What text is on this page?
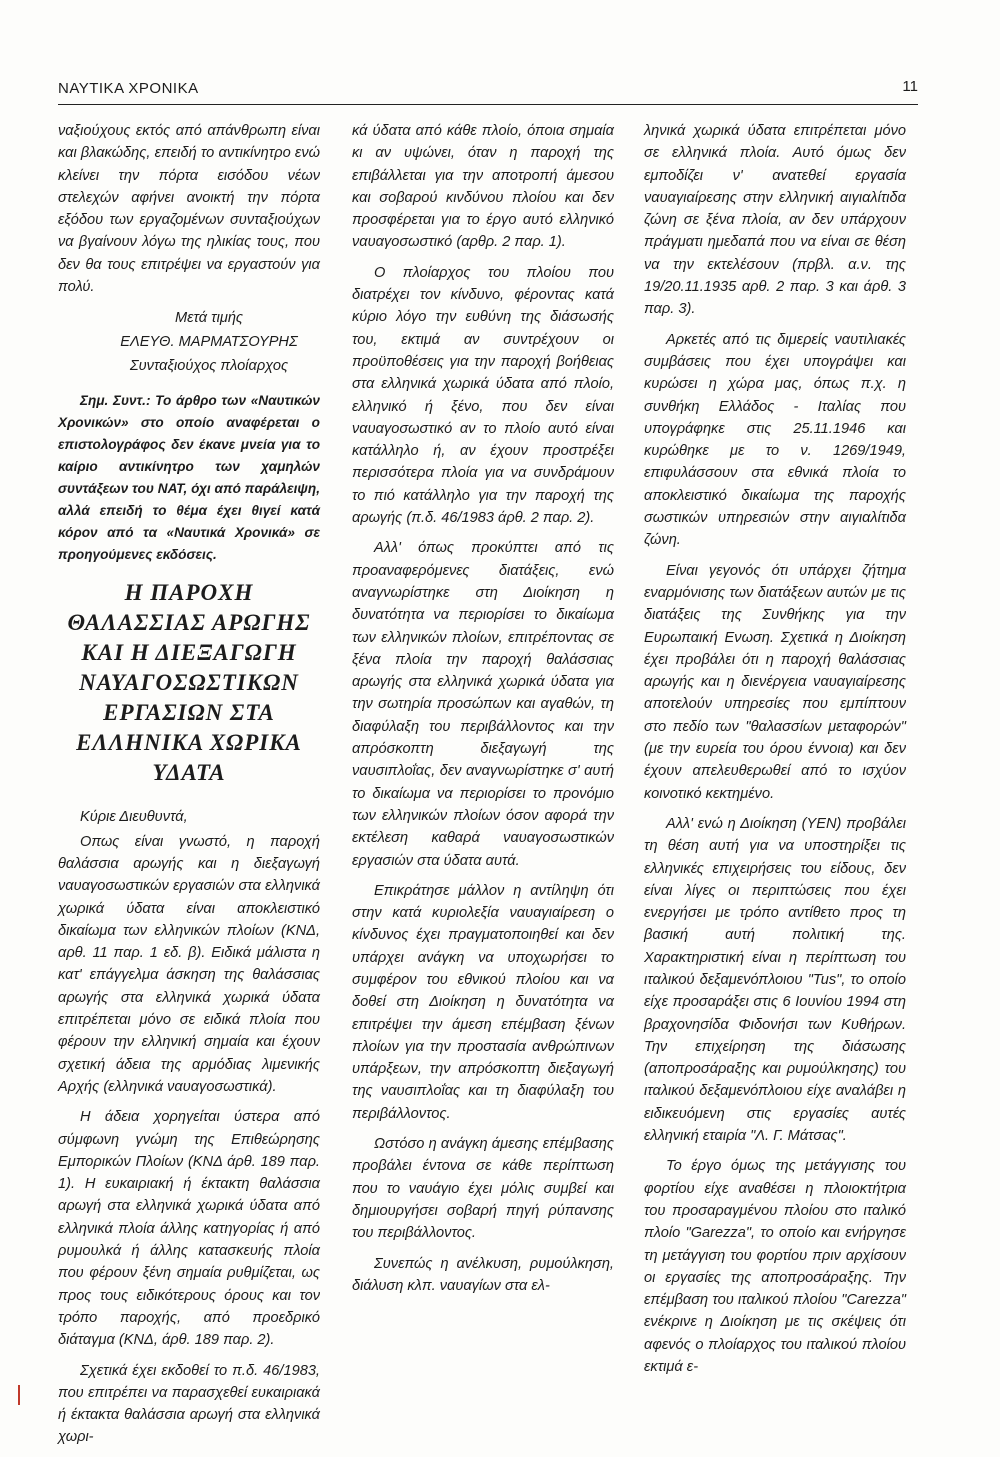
ΝΑΥΤΙΚΑ ΧΡΟΝΙΚΑ	11

ναξιούχους εκτός από απάνθρωπη είναι και βλακώδης, επειδή το αντικίνητρο ενώ κλείνει την πόρτα εισόδου νέων στελεχών αφήνει ανοικτή την πόρτα εξόδου των εργαζομένων συνταξιούχων να βγαίνουν λόγω της ηλικίας τους, που δεν θα τους επιτρέψει να εργαστούν για πολύ.

Μετά τιμής
ΕΛΕΥΘ. ΜΑΡΜΑΤΣΟΥΡΗΣ
Συνταξιούχος πλοίαρχος

Σημ. Συντ.: Το άρθρο των «Ναυτικών Χρονικών» στο οποίο αναφέρεται ο επιστολογράφος δεν έκανε μνεία για το καίριο αντικίνητρο των χαμηλών συντάξεων του ΝΑΤ, όχι από παράλειψη, αλλά επειδή το θέμα έχει θιγεί κατά κόρον από τα «Ναυτικά Χρονικά» σε προηγούμενες εκδόσεις.

Η ΠΑΡΟΧΗ ΘΑΛΑΣΣΙΑΣ ΑΡΩΓΗΣ ΚΑΙ Η ΔΙΕΞΑΓΩΓΗ ΝΑΥΑΓΟΣΩΣΤΙΚΩΝ ΕΡΓΑΣΙΩΝ ΣΤΑ ΕΛΛΗΝΙΚΑ ΧΩΡΙΚΑ ΥΔΑΤΑ

Κύριε Διευθυντά,

Οπως είναι γνωστό, η παροχή θαλάσσια αρωγής και η διεξαγωγή ναυαγοσωστικών εργασιών στα ελληνικά χωρικά ύδατα είναι αποκλειστικό δικαίωμα των ελληνικών πλοίων (ΚΝΔ, αρθ. 11 παρ. 1 εδ. β). Ειδικά μάλιστα η κατ' επάγγελμα άσκηση της θαλάσσιας αρωγής στα ελληνικά χωρικά ύδατα επιτρέπεται μόνο σε ειδικά πλοία που φέρουν την ελληνική σημαία και έχουν σχετική άδεια της αρμόδιας λιμενικής Αρχής (ελληνικά ναυαγοσωστικά).

Η άδεια χορηγείται ύστερα από σύμφωνη γνώμη της Επιθεώρησης Εμπορικών Πλοίων (ΚΝΔ άρθ. 189 παρ. 1). Η ευκαιριακή ή έκτακτη θαλάσσια αρωγή στα ελληνικά χωρικά ύδατα από ελληνικά πλοία άλλης κατηγορίας ή από ρυμουλκά ή άλλης κατασκευής πλοία που φέρουν ξένη σημαία ρυθμίζεται, ως προς τους ειδικότερους όρους και τον τρόπο παροχής, από προεδρικό διάταγμα (ΚΝΔ, άρθ. 189 παρ. 2).

Σχετικά έχει εκδοθεί το π.δ. 46/1983, που επιτρέπει να παρασχεθεί ευκαιριακά ή έκτακτα θαλάσσια αρωγή στα ελληνικά χωρι-

κά ύδατα από κάθε πλοίο, όποια σημαία κι αν υψώνει, όταν η παροχή της επιβάλλεται για την αποτροπή άμεσου και σοβαρού κινδύνου πλοίου και δεν προσφέρεται για το έργο αυτό ελληνικό ναυαγοσωστικό (αρθρ. 2 παρ. 1).

Ο πλοίαρχος του πλοίου που διατρέχει τον κίνδυνο, φέροντας κατά κύριο λόγο την ευθύνη της διάσωσής του, εκτιμά αν συντρέχουν οι προϋποθέσεις για την παροχή βοήθειας στα ελληνικά χωρικά ύδατα από πλοίο, ελληνικό ή ξένο, που δεν είναι ναυαγοσωστικό αν το πλοίο αυτό είναι κατάλληλο ή, αν έχουν προστρέξει περισσότερα πλοία για να συνδράμουν το πιό κατάλληλο για την παροχή της αρωγής (π.δ. 46/1983 άρθ. 2 παρ. 2).

Αλλ' όπως προκύπτει από τις προαναφερόμενες διατάξεις, ενώ αναγνωρίστηκε στη Διοίκηση η δυνατότητα να περιορίσει το δικαίωμα των ελληνικών πλοίων, επιτρέποντας σε ξένα πλοία την παροχή θαλάσσιας αρωγής στα ελληνικά χωρικά ύδατα για την σωτηρία προσώπων και αγαθών, τη διαφύλαξη του περιβάλλοντος και την απρόσκοπτη διεξαγωγή της ναυσιπλοΐας, δεν αναγνωρίστηκε σ' αυτή το δικαίωμα να περιορίσει το προνόμιο των ελληνικών πλοίων όσον αφορά την εκτέλεση καθαρά ναυαγοσωστικών εργασιών στα ύδατα αυτά.

Επικράτησε μάλλον η αντίληψη ότι στην κατά κυριολεξία ναυαγιαίρεση ο κίνδυνος έχει πραγματοποιηθεί και δεν υπάρχει ανάγκη να υποχωρήσει το συμφέρον του εθνικού πλοίου και να δοθεί στη Διοίκηση η δυνατότητα να επιτρέψει την άμεση επέμβαση ξένων πλοίων για την προστασία ανθρώπινων υπάρξεων, την απρόσκοπτη διεξαγωγή της ναυσιπλοΐας και τη διαφύλαξη του περιβάλλοντος.

Ωστόσο η ανάγκη άμεσης επέμβασης προβάλει έντονα σε κάθε περίπτωση που το ναυάγιο έχει μόλις συμβεί και δημιουργήσει σοβαρή πηγή ρύπανσης του περιβάλλοντος.

Συνεπώς η ανέλκυση, ρυμούλκηση, διάλυση κλπ. ναυαγίων στα ελ-

ληνικά χωρικά ύδατα επιτρέπεται μόνο σε ελληνικά πλοία. Αυτό όμως δεν εμποδίζει ν' ανατεθεί εργασία ναυαγιαίρεσης στην ελληνική αιγιαλίτιδα ζώνη σε ξένα πλοία, αν δεν υπάρχουν πράγματι ημεδαπά που να είναι σε θέση να την εκτελέσουν (πρβλ. α.ν. της 19/20.11.1935 αρθ. 2 παρ. 3 και άρθ. 3 παρ. 3).

Αρκετές από τις διμερείς ναυτιλιακές συμβάσεις που έχει υπογράψει και κυρώσει η χώρα μας, όπως π.χ. η συνθήκη Ελλάδος - Ιταλίας που υπογράφηκε στις 25.11.1946 και κυρώθηκε με το ν. 1269/1949, επιφυλάσσουν στα εθνικά πλοία το αποκλειστικό δικαίωμα της παροχής σωστικών υπηρεσιών στην αιγιαλίτιδα ζώνη.

Είναι γεγονός ότι υπάρχει ζήτημα εναρμόνισης των διατάξεων αυτών με τις διατάξεις της Συνθήκης για την Ευρωπαική Ενωση. Σχετικά η Διοίκηση έχει προβάλει ότι η παροχή θαλάσσιας αρωγής και η διενέργεια ναυαγιαίρεσης αποτελούν υπηρεσίες που εμπίπτουν στο πεδίο των "θαλασσίων μεταφορών" (με την ευρεία του όρου έννοια) και δεν έχουν απελευθερωθεί από το ισχύον κοινοτικό κεκτημένο.

Αλλ' ενώ η Διοίκηση (ΥΕΝ) προβάλει τη θέση αυτή για να υποστηρίξει τις ελληνικές επιχειρήσεις του είδους, δεν είναι λίγες οι περιπτώσεις που έχει ενεργήσει με τρόπο αντίθετο προς τη βασική αυτή πολιτική της. Χαρακτηριστική είναι η περίπτωση του ιταλικού δεξαμενόπλοιου "Tus", το οποίο είχε προσαράξει στις 6 Ιουνίου 1994 στη βραχονησίδα Φιδονήσι των Κυθήρων. Την επιχείρηση της διάσωσης (αποπροσάραξης και ρυμούλκησης) του ιταλικού δεξαμενόπλοιου είχε αναλάβει η ειδικευόμενη στις εργασίες αυτές ελληνική εταιρία "Λ. Γ. Μάτσας".

Το έργο όμως της μετάγγισης του φορτίου είχε αναθέσει η πλοιοκτήτρια του προσαραγμένου πλοίου στο ιταλικό πλοίο "Garezza", το οποίο και ενήργησε τη μετάγγιση του φορτίου πριν αρχίσουν οι εργασίες της αποπροσάραξης. Την επέμβαση του ιταλικού πλοίου "Carezza" ενέκρινε η Διοίκηση με τις σκέψεις ότι αφενός ο πλοίαρχος του ιταλικού πλοίου εκτιμά ε-
